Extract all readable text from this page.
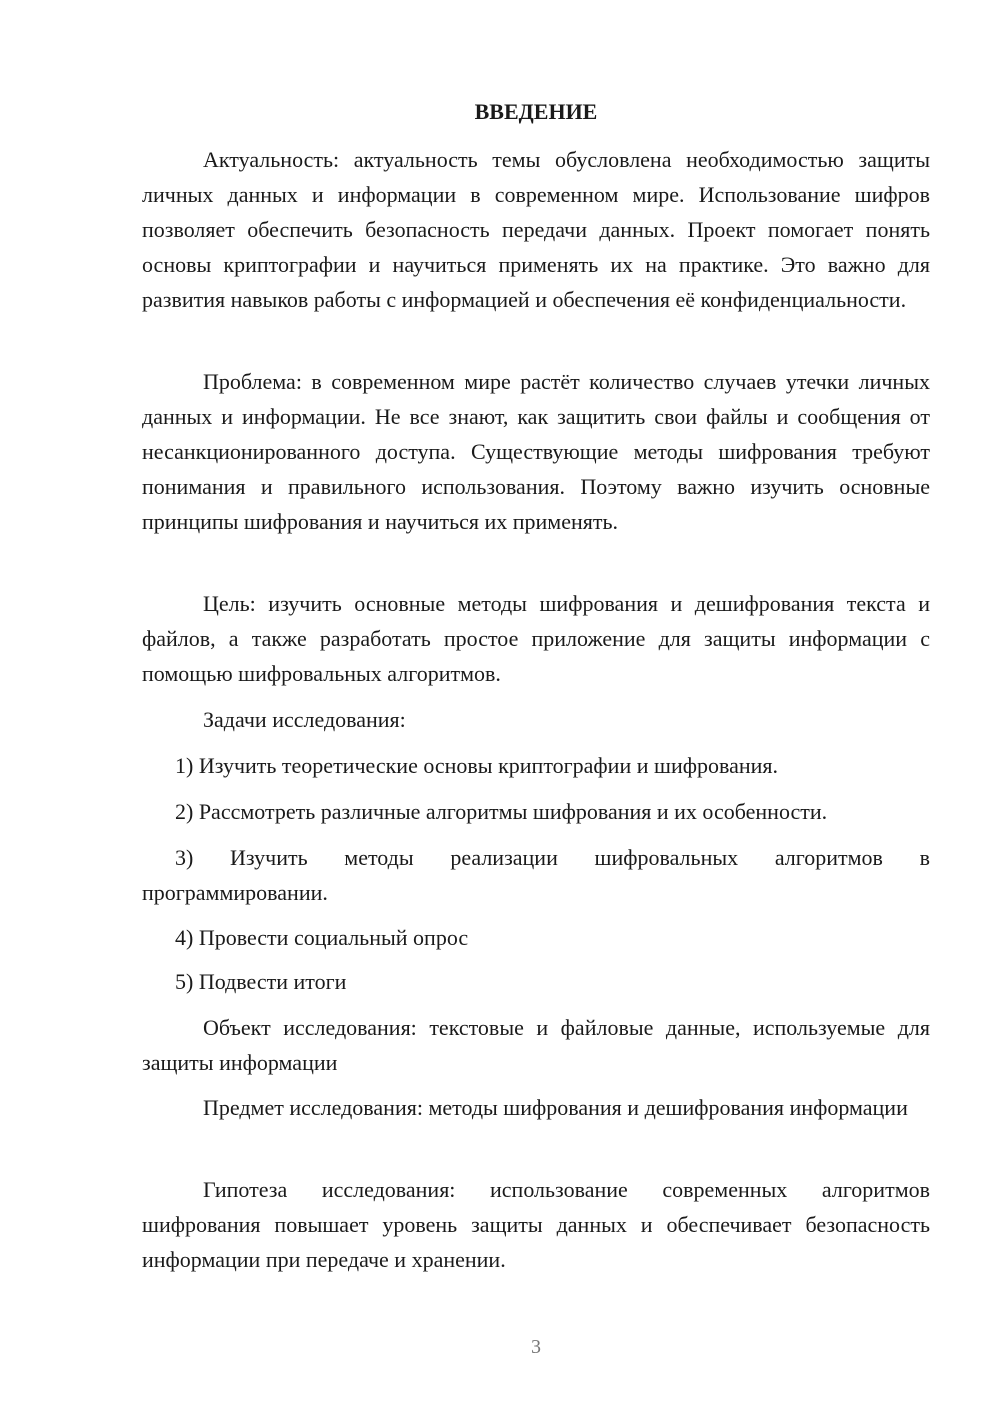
ВВЕДЕНИЕ

Актуальность: актуальность темы обусловлена необходимостью защиты личных данных и информации в современном мире. Использование шифров позволяет обеспечить безопасность передачи данных. Проект помогает понять основы криптографии и научиться применять их на практике. Это важно для развития навыков работы с информацией и обеспечения её конфиденциальности.

Проблема: в современном мире растёт количество случаев утечки личных данных и информации. Не все знают, как защитить свои файлы и сообщения от несанкционированного доступа. Существующие методы шифрования требуют понимания и правильного использования. Поэтому важно изучить основные принципы шифрования и научиться их применять.

Цель: изучить основные методы шифрования и дешифрования текста и файлов, а также разработать простое приложение для защиты информации с помощью шифровальных алгоритмов.

Задачи исследования:

1) Изучить теоретические основы криптографии и шифрования.

2) Рассмотреть различные алгоритмы шифрования и их особенности.

3) Изучить методы реализации шифровальных алгоритмов в программировании.

4) Провести социальный опрос

5) Подвести итоги

Объект исследования: текстовые и файловые данные, используемые для защиты информации

Предмет исследования: методы шифрования и дешифрования информации

Гипотеза исследования: использование современных алгоритмов шифрования повышает уровень защиты данных и обеспечивает безопасность информации при передаче и хранении.

3
